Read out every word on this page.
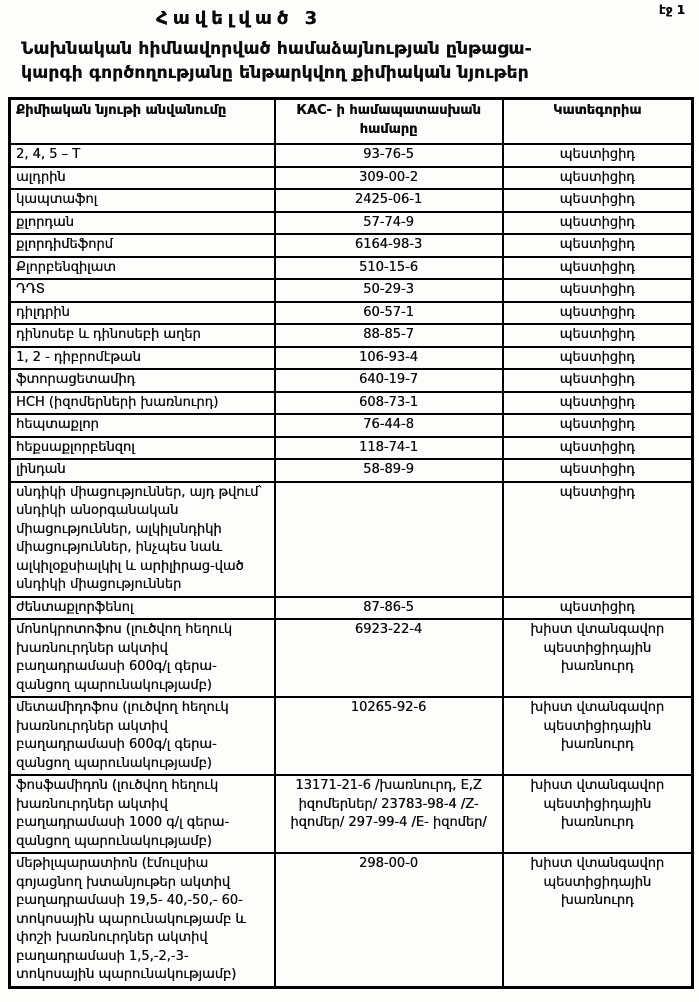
Հավելված 3	էջ 1
Նախնական հիմնավորված համաձայնության ընթացա-
կարգի գործողությանը ենթարկվող քիմիական նյութեր
Քիմիական նյութի անվանումը	КАС- ի համապատասխան համարը	Կատեգորիա
2, 4, 5 – T	93-76-5	պեստիցիդ
ալդրին	309-00-2	պեստիցիդ
կապտաֆոլ	2425-06-1	պեստիցիդ
քլորդան	57-74-9	պեստիցիդ
քլորդիմեֆորմ	6164-98-3	պեստիցիդ
Քլորբենզիլատ	510-15-6	պեստիցիդ
ԴԴՏ	50-29-3	պեստիցիդ
դիլդրին	60-57-1	պեստիցիդ
դինոսեբ և դինոսեբի աղեր	88-85-7	պեստիցիդ
1, 2 - դիբրոմէթան	106-93-4	պեստիցիդ
ֆտորացետամիդ	640-19-7	պեստիցիդ
HCH (իզոմերների խառնուրդ)	608-73-1	պեստիցիդ
հեպտաքլոր	76-44-8	պեստիցիդ
հեքսաքլորբենզոլ	118-74-1	պեստիցիդ
լինդան	58-89-9	պեստիցիդ
սնդիկի միացություններ, այդ թվում՝ սնդիկի անօրգանական միացություններ, ալկիլսնդիկի միացություններ, ինչպես նաև ալկիլօքսիալկիլ և արիլիրաց-ված սնդիկի միացություններ		պեստիցիդ
ժենտաքլորֆենոլ	87-86-5	պեստիցիդ
մոնոկրոտոֆոս (լուծվող հեղուկ խառնուրդներ ակտիվ բաղադրամասի 600գ/լ գերա-զանցող պարունակությամբ)	6923-22-4	խիստ վտանգավոր պեստիցիդային խառնուրդ
մետամիդոֆոս (լուծվող հեղուկ խառնուրդներ ակտիվ բաղադրամասի 600գ/լ գերա-զանցող պարունակությամբ)	10265-92-6	խիստ վտանգավոր պեստիցիդային խառնուրդ
ֆոսֆամիդոն (լուծվող հեղուկ խառնուրդներ ակտիվ բաղադրամասի 1000 գ/լ գերա-զանցող պարունակությամբ)	13171-21-6 /խառնուրդ, E,Z իզոմերներ/ 23783-98-4 /Z- իզոմեր/ 297-99-4 /E- իզոմեր/	խիստ վտանգավոր պեստիցիդային խառնուրդ
մեթիլպարատիոն (էմուլսիա գոյացնող խտանյութեր ակտիվ բաղադրամասի 19,5- 40,-50,- 60- տոկոսային պարունակությամբ և փոշի խառնուրդներ ակտիվ բաղադրամասի 1,5,-2,-3- տոկոսային պարունակությամբ)	298-00-0	խիստ վտանգավոր պեստիցիդային խառնուրդ
